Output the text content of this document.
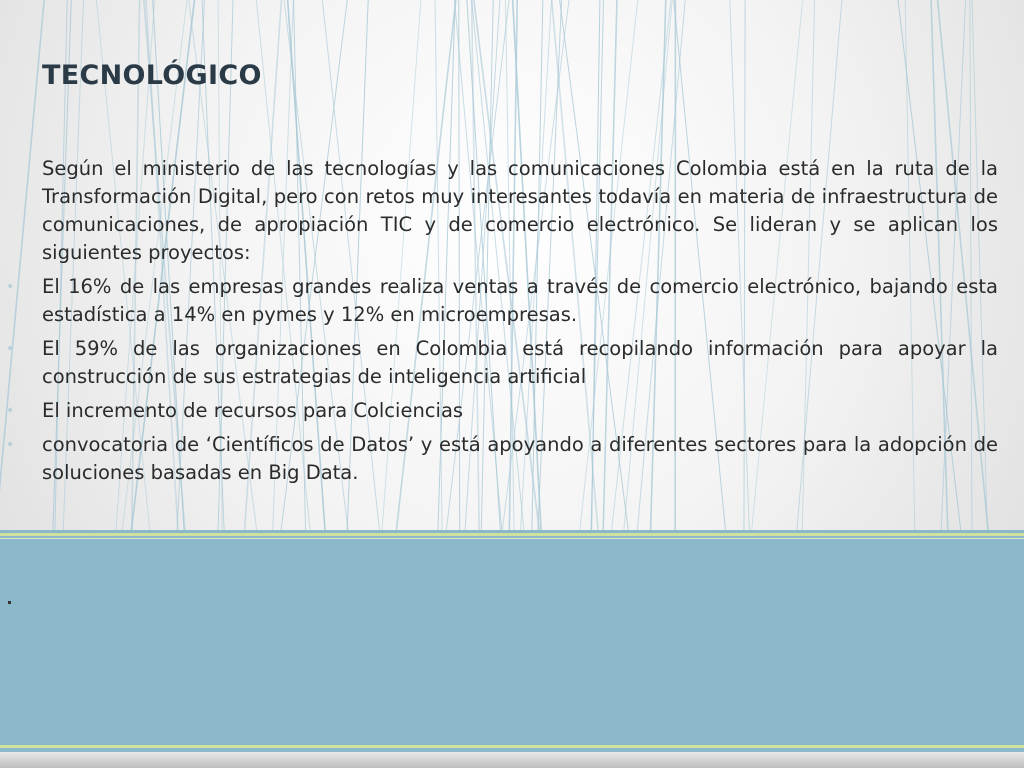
TECNOLÓGICO

Según el ministerio de las tecnologías y las comunicaciones Colombia está en la ruta de la Transformación Digital, pero con retos muy interesantes todavía en materia de infraestructura de comunicaciones, de apropiación TIC y de comercio electrónico. Se lideran y se aplican los siguientes proyectos:

• El 16% de las empresas grandes realiza ventas a través de comercio electrónico, bajando esta estadística a 14% en pymes y 12% en microempresas.
• El 59% de las organizaciones en Colombia está recopilando información para apoyar la construcción de sus estrategias de inteligencia artificial
• El incremento de recursos para Colciencias
• convocatoria de ‘Científicos de Datos’ y está apoyando a diferentes sectores para la adopción de soluciones basadas en Big Data.
